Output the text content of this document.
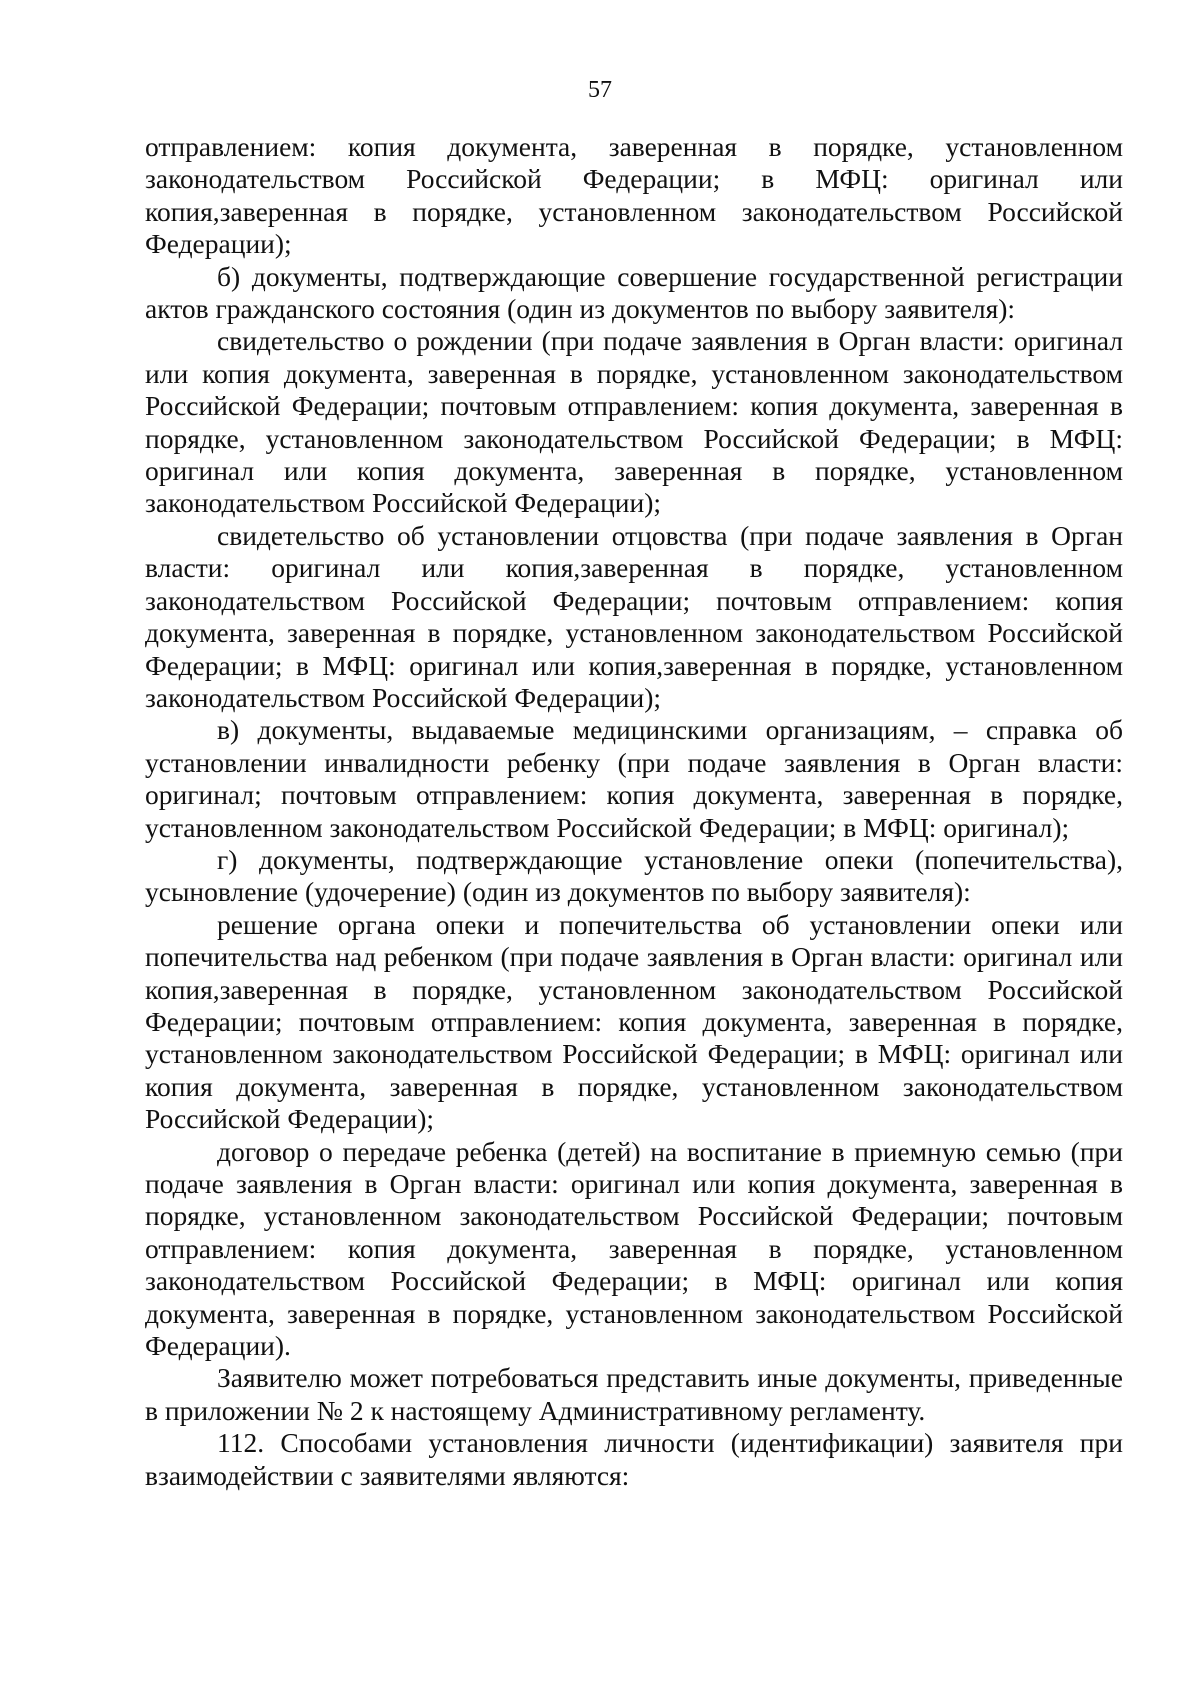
57

отправлением: копия документа, заверенная в порядке, установленном законодательством Российской Федерации; в МФЦ: оригинал или копия,заверенная в порядке, установленном законодательством Российской Федерации);

б) документы, подтверждающие совершение государственной регистрации актов гражданского состояния (один из документов по выбору заявителя):

свидетельство о рождении (при подаче заявления в Орган власти: оригинал или копия документа, заверенная в порядке, установленном законодательством Российской Федерации; почтовым отправлением: копия документа, заверенная в порядке, установленном законодательством Российской Федерации; в МФЦ: оригинал или копия документа, заверенная в порядке, установленном законодательством Российской Федерации);

свидетельство об установлении отцовства (при подаче заявления в Орган власти: оригинал или копия,заверенная в порядке, установленном законодательством Российской Федерации; почтовым отправлением: копия документа, заверенная в порядке, установленном законодательством Российской Федерации; в МФЦ: оригинал или копия,заверенная в порядке, установленном законодательством Российской Федерации);

в) документы, выдаваемые медицинскими организациям, – справка об установлении инвалидности ребенку (при подаче заявления в Орган власти: оригинал; почтовым отправлением: копия документа, заверенная в порядке, установленном законодательством Российской Федерации; в МФЦ: оригинал);

г) документы, подтверждающие установление опеки (попечительства), усыновление (удочерение) (один из документов по выбору заявителя):

решение органа опеки и попечительства об установлении опеки или попечительства над ребенком (при подаче заявления в Орган власти: оригинал или копия,заверенная в порядке, установленном законодательством Российской Федерации; почтовым отправлением: копия документа, заверенная в порядке, установленном законодательством Российской Федерации; в МФЦ: оригинал или копия документа, заверенная в порядке, установленном законодательством Российской Федерации);

договор о передаче ребенка (детей) на воспитание в приемную семью (при подаче заявления в Орган власти: оригинал или копия документа, заверенная в порядке, установленном законодательством Российской Федерации; почтовым отправлением: копия документа, заверенная в порядке, установленном законодательством Российской Федерации; в МФЦ: оригинал или копия документа, заверенная в порядке, установленном законодательством Российской Федерации).

Заявителю может потребоваться представить иные документы, приведенные в приложении № 2 к настоящему Административному регламенту.

112. Способами установления личности (идентификации) заявителя при взаимодействии с заявителями являются:
